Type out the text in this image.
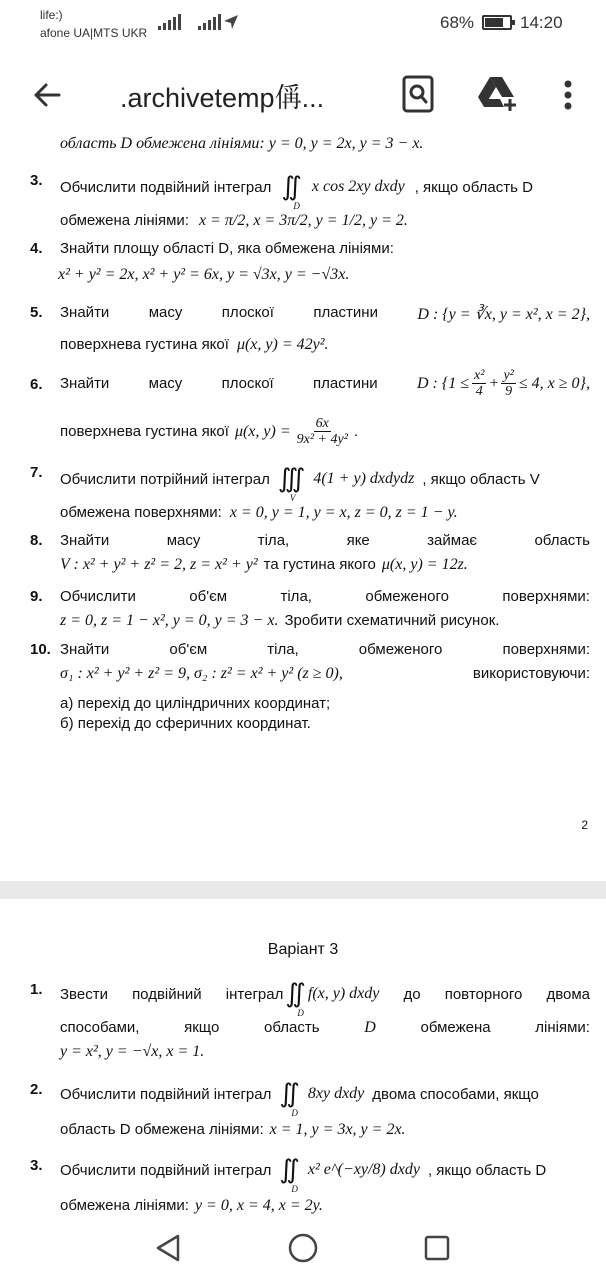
life:)
afone UA|MTS UKR
68%	14:20
.archivetemp偁...
область D обмежена лініями: y = 0, y = 2x, y = 3 − x.
3. Обчислити подвійний інтеграл ∬
D
x cos 2xy dxdy , якщо область D
обмежена лініями: x = π/2, x = 3π/2, y = 1/2, y = 2.
4. Знайти площу області D, яка обмежена лініями:
x² + y² = 2x, x² + y² = 6x, y = √3x, y = −√3x.
5. Знайти	масу	плоскої	пластини D : {y = ∛x, y = x², x = 2},
поверхнева густина якої μ(x, y) = 42y².
6. Знайти	масу	плоскої	пластини D : {$1 \le \frac{\text{x²}}{4} + \frac{\text{y²}}{9} \le 4$, x ≥ 0},
поверхнева густина якої μ(x, $y) = \frac{6x}{\text{9x² + 4y²}}$ .
7. Обчислити потрійний інтеграл ∭
V
4(1 + y) dxdydz , якщо область V
обмежена поверхнями: x = 0, y = 1, y = x, z = 0, z = 1 − y.
8. Знайти	масу	тіла,	яке	займає	область
V : x² + y² + z² = 2, z = x² + y² та густина якого μ(x, y) = 12z.
9. Обчислити	об'єм	тіла,	обмеженого	поверхнями:
z = 0, z = 1 − x², y = 0, y = 3 − x. Зробити схематичний рисунок.
10. Знайти	об'єм	тіла,	обмеженого	поверхнями:
σ₁ : x² + y² + z² = 9, σ₂ : z² = x² + y² (z ≥ 0),	використовуючи:
а) перехід до циліндричних координат;
б) перехід до сферичних координат.
2
Варіант 3
1. Звести подвійний інтеграл ∬
D
f(x, y) dxdy до повторного двома
способами,	якщо	область	D	обмежена	лініями:
y = x², y = −√x, x = 1.
2. Обчислити подвійний інтеграл ∬
D
8xy dxdy двома способами, якщо
область D обмежена лініями: x = 1, y = 3x, y = 2x.
3. Обчислити подвійний інтеграл ∬
D
x² e^(−xy/8) dxdy , якщо область D
обмежена лініями: y = 0, x = 4, x = 2y.
